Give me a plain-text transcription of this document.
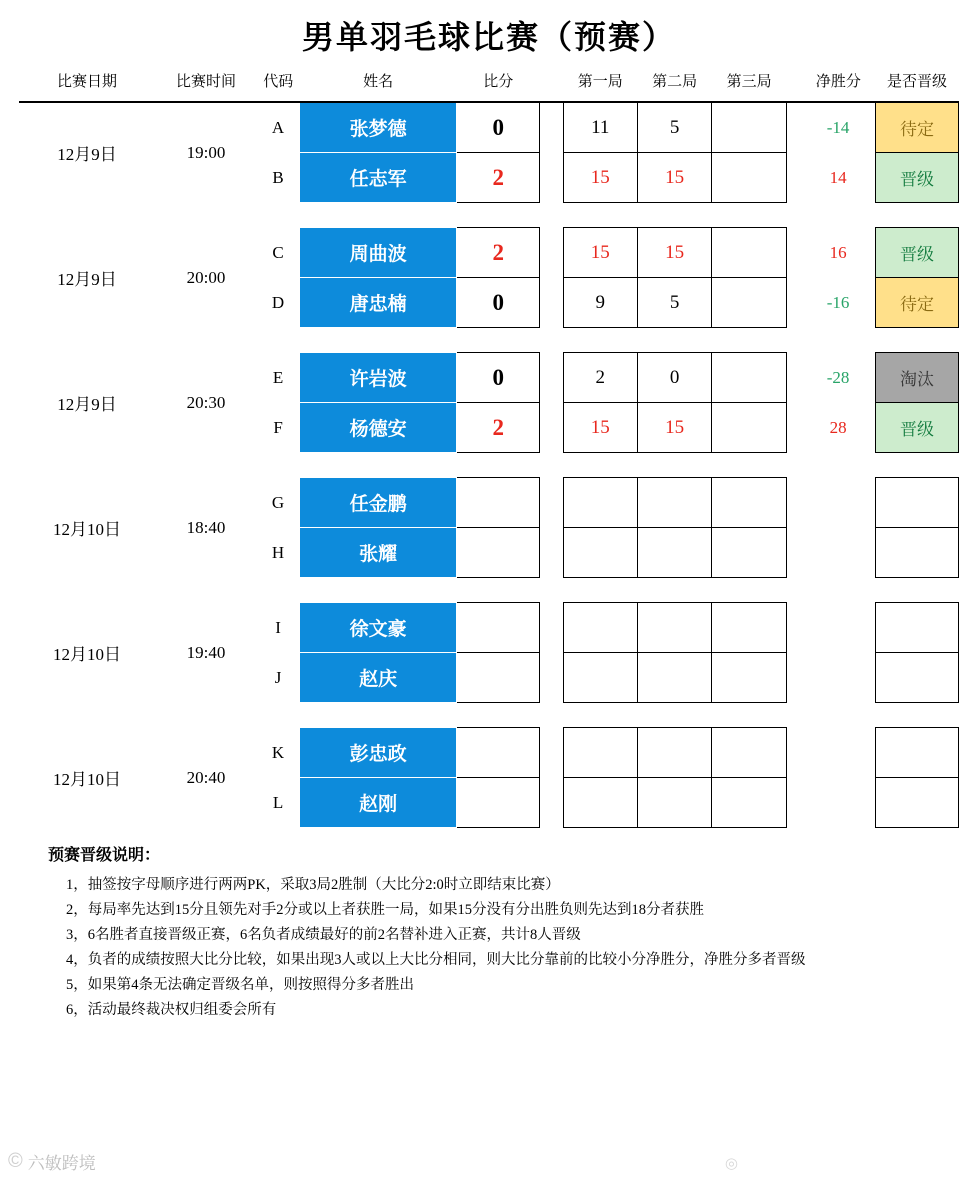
男单羽毛球比赛（预赛）
比赛日期	比赛时间	代码	姓名	比分		第一局	第二局	第三局		净胜分	是否晋级

12月9日	19:00	A	张梦德	0		11	5			-14	待定
		B	任志军	2		15	15			14	晋级

12月9日	20:00	C	周曲波	2		15	15			16	晋级
		D	唐忠楠	0		9	5			-16	待定

12月9日	20:30	E	许岩波	0		2	0			-28	淘汰
		F	杨德安	2		15	15			28	晋级

12月10日	18:40	G	任金鹏								
		H	张耀								

12月10日	19:40	I	徐文豪								
		J	赵庆								

12月10日	20:40	K	彭忠政								
		L	赵刚								
预赛晋级说明：
1，抽签按字母顺序进行两两PK，采取3局2胜制（大比分2:0时立即结束比赛）
2，每局率先达到15分且领先对手2分或以上者获胜一局，如果15分没有分出胜负则先达到18分者获胜
3，6名胜者直接晋级正赛，6名负者成绩最好的前2名替补进入正赛，共计8人晋级
4，负者的成绩按照大比分比较，如果出现3人或以上大比分相同，则大比分靠前的比较小分净胜分，净胜分多者晋级
5，如果第4条无法确定晋级名单，则按照得分多者胜出
6，活动最终裁决权归组委会所有
© 六敏跨境	◎
